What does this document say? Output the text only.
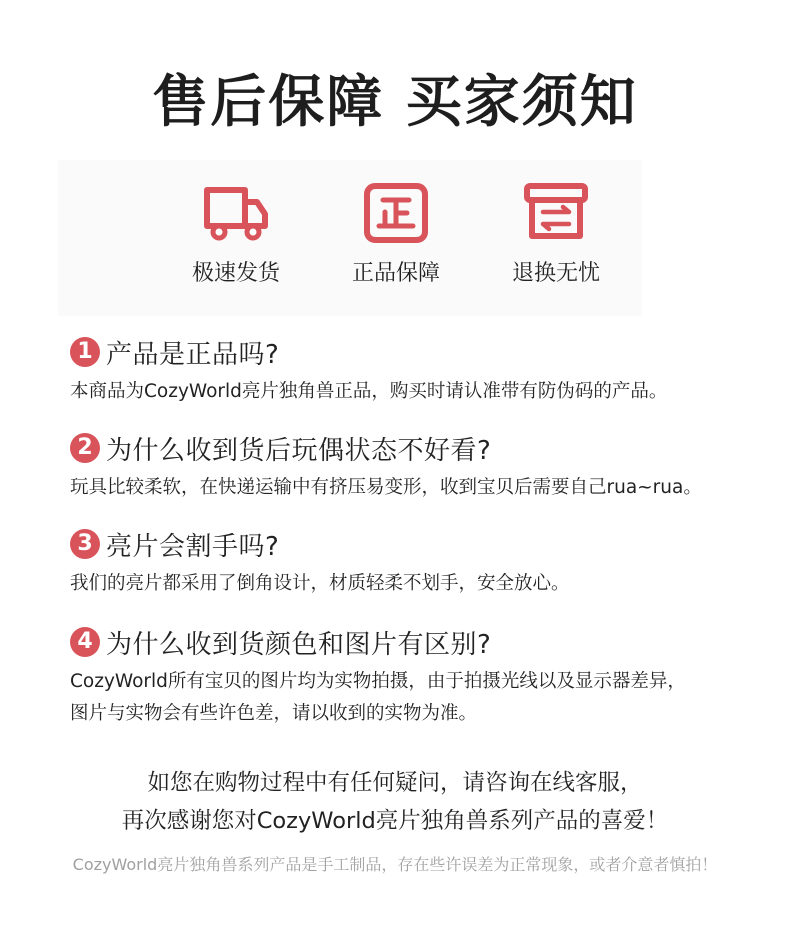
售后保障 买家须知
极速发货	正品保障	退换无忧
1 产品是正品吗?
本商品为CozyWorld亮片独角兽正品，购买时请认准带有防伪码的产品。
2 为什么收到货后玩偶状态不好看?
玩具比较柔软，在快递运输中有挤压易变形，收到宝贝后需要自己rua~rua。
3 亮片会割手吗?
我们的亮片都采用了倒角设计，材质轻柔不划手，安全放心。
4 为什么收到货颜色和图片有区别?
CozyWorld所有宝贝的图片均为实物拍摄，由于拍摄光线以及显示器差异，
图片与实物会有些许色差，请以收到的实物为准。
如您在购物过程中有任何疑问，请咨询在线客服，
再次感谢您对CozyWorld亮片独角兽系列产品的喜爱！
CozyWorld亮片独角兽系列产品是手工制品，存在些许误差为正常现象，或者介意者慎拍！
